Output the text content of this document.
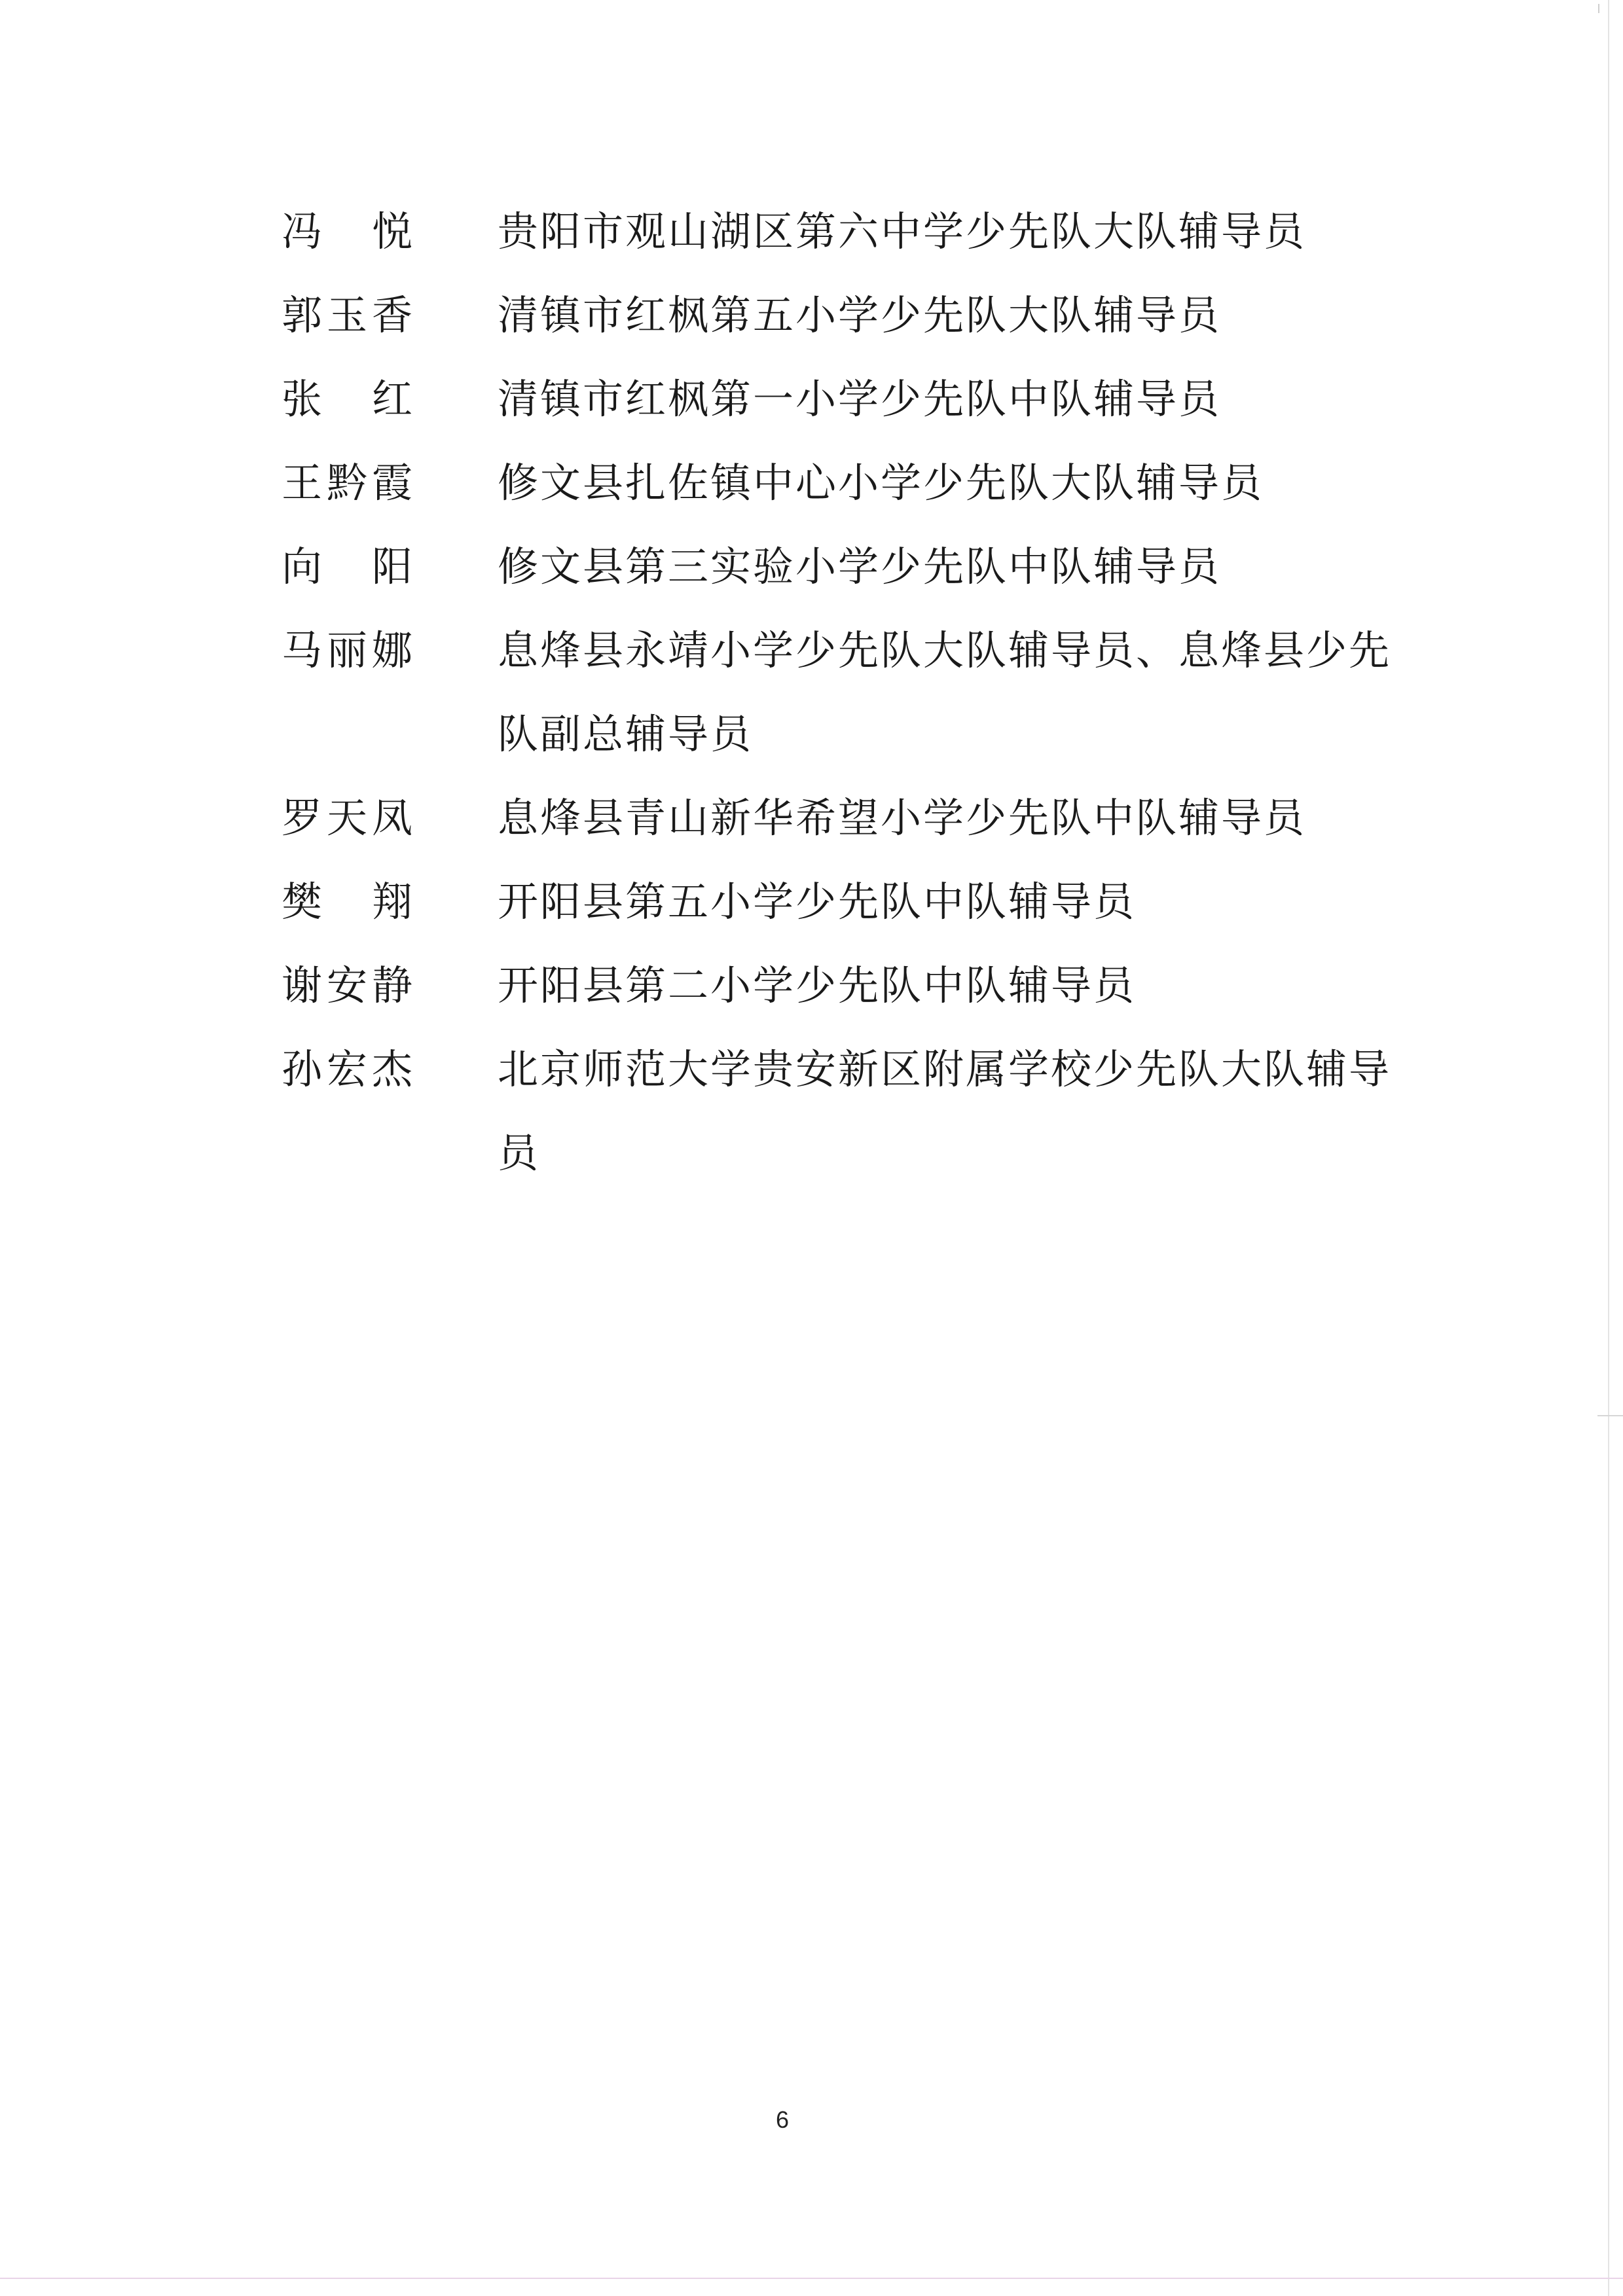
冯　悦 贵阳市观山湖区第六中学少先队大队辅导员
郭玉香 清镇市红枫第五小学少先队大队辅导员
张　红 清镇市红枫第一小学少先队中队辅导员
王黔霞 修文县扎佐镇中心小学少先队大队辅导员
向　阳 修文县第三实验小学少先队中队辅导员
马丽娜 息烽县永靖小学少先队大队辅导员、息烽县少先队副总辅导员
罗天凤 息烽县青山新华希望小学少先队中队辅导员
樊　翔 开阳县第五小学少先队中队辅导员
谢安静 开阳县第二小学少先队中队辅导员
孙宏杰 北京师范大学贵安新区附属学校少先队大队辅导员
6
